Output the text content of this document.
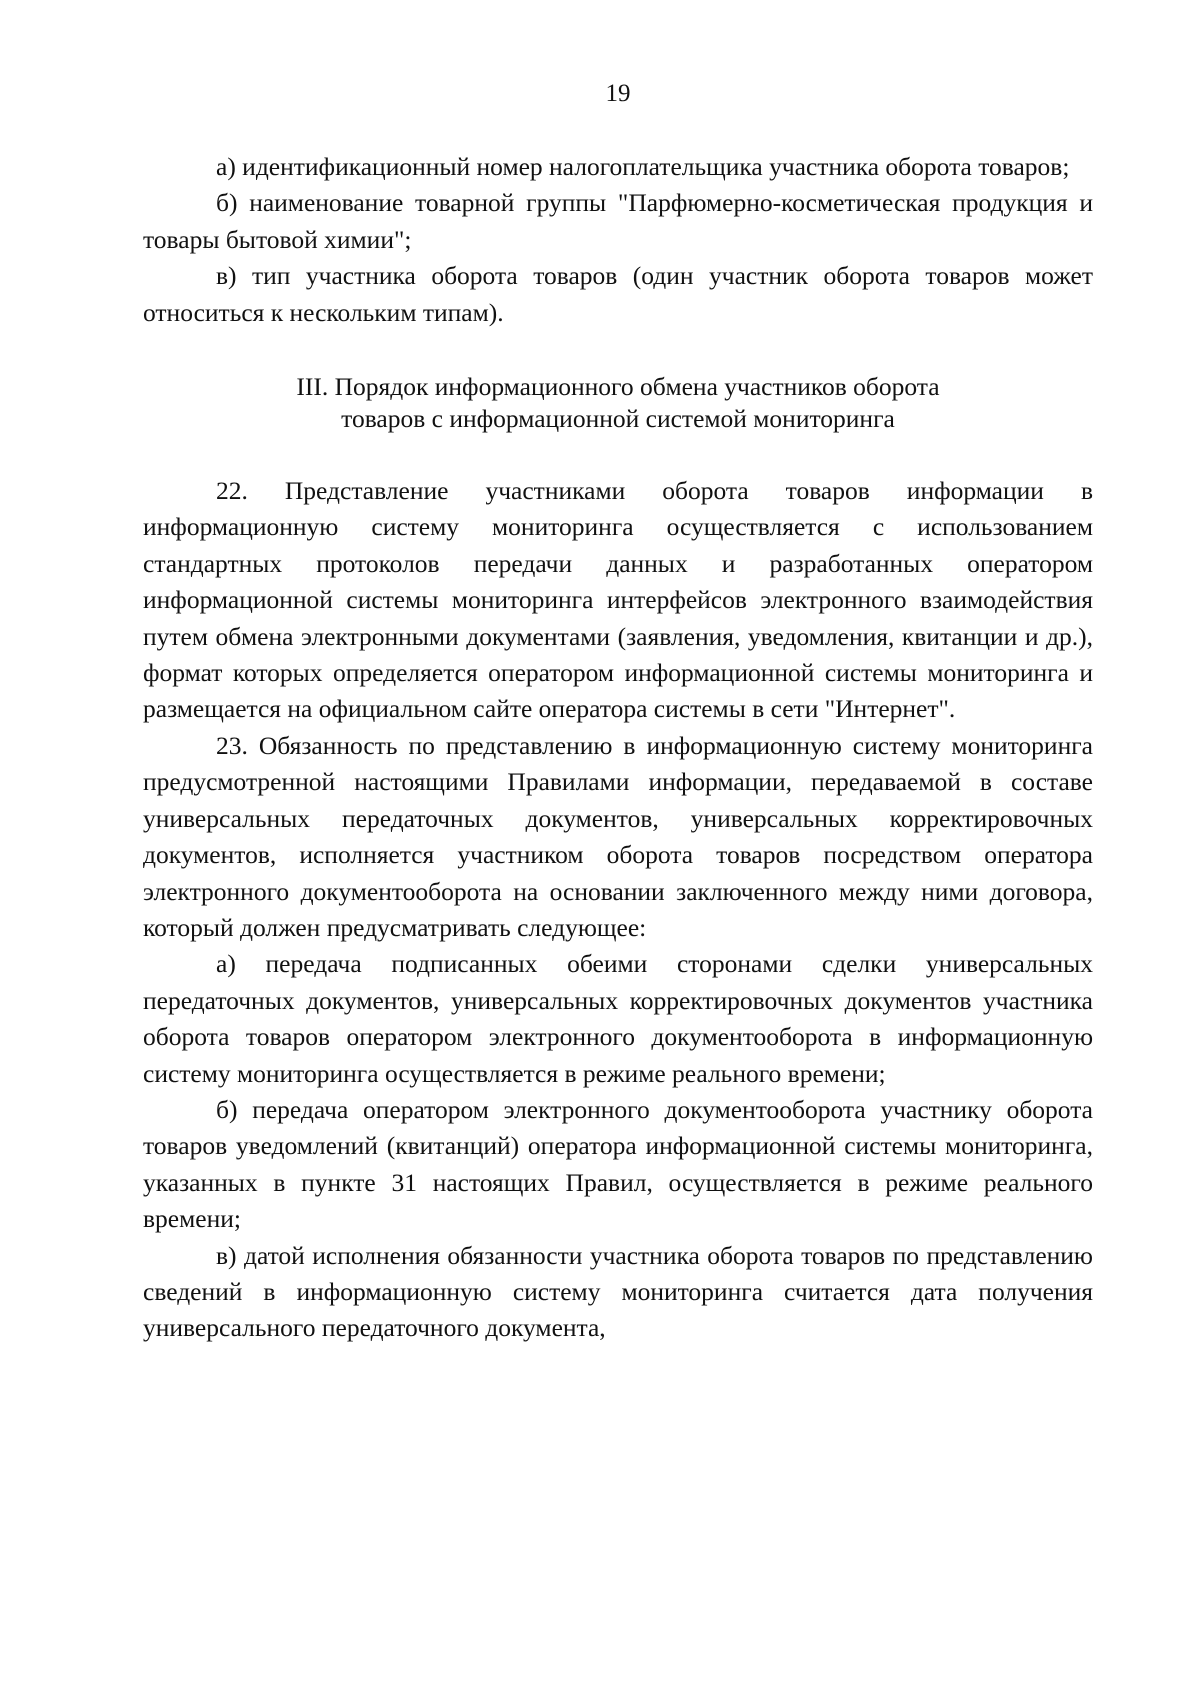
19

а) идентификационный номер налогоплательщика участника оборота товаров;

б) наименование товарной группы "Парфюмерно-косметическая продукция и товары бытовой химии";

в) тип участника оборота товаров (один участник оборота товаров может относиться к нескольким типам).

III. Порядок информационного обмена участников оборота
товаров с информационной системой мониторинга

22. Представление участниками оборота товаров информации в информационную систему мониторинга осуществляется с использованием стандартных протоколов передачи данных и разработанных оператором информационной системы мониторинга интерфейсов электронного взаимодействия путем обмена электронными документами (заявления, уведомления, квитанции и др.), формат которых определяется оператором информационной системы мониторинга и размещается на официальном сайте оператора системы в сети "Интернет".

23. Обязанность по представлению в информационную систему мониторинга предусмотренной настоящими Правилами информации, передаваемой в составе универсальных передаточных документов, универсальных корректировочных документов, исполняется участником оборота товаров посредством оператора электронного документооборота на основании заключенного между ними договора, который должен предусматривать следующее:

а) передача подписанных обеими сторонами сделки универсальных передаточных документов, универсальных корректировочных документов участника оборота товаров оператором электронного документооборота в информационную систему мониторинга осуществляется в режиме реального времени;

б) передача оператором электронного документооборота участнику оборота товаров уведомлений (квитанций) оператора информационной системы мониторинга, указанных в пункте 31 настоящих Правил, осуществляется в режиме реального времени;

в) датой исполнения обязанности участника оборота товаров по представлению сведений в информационную систему мониторинга считается дата получения универсального передаточного документа,
